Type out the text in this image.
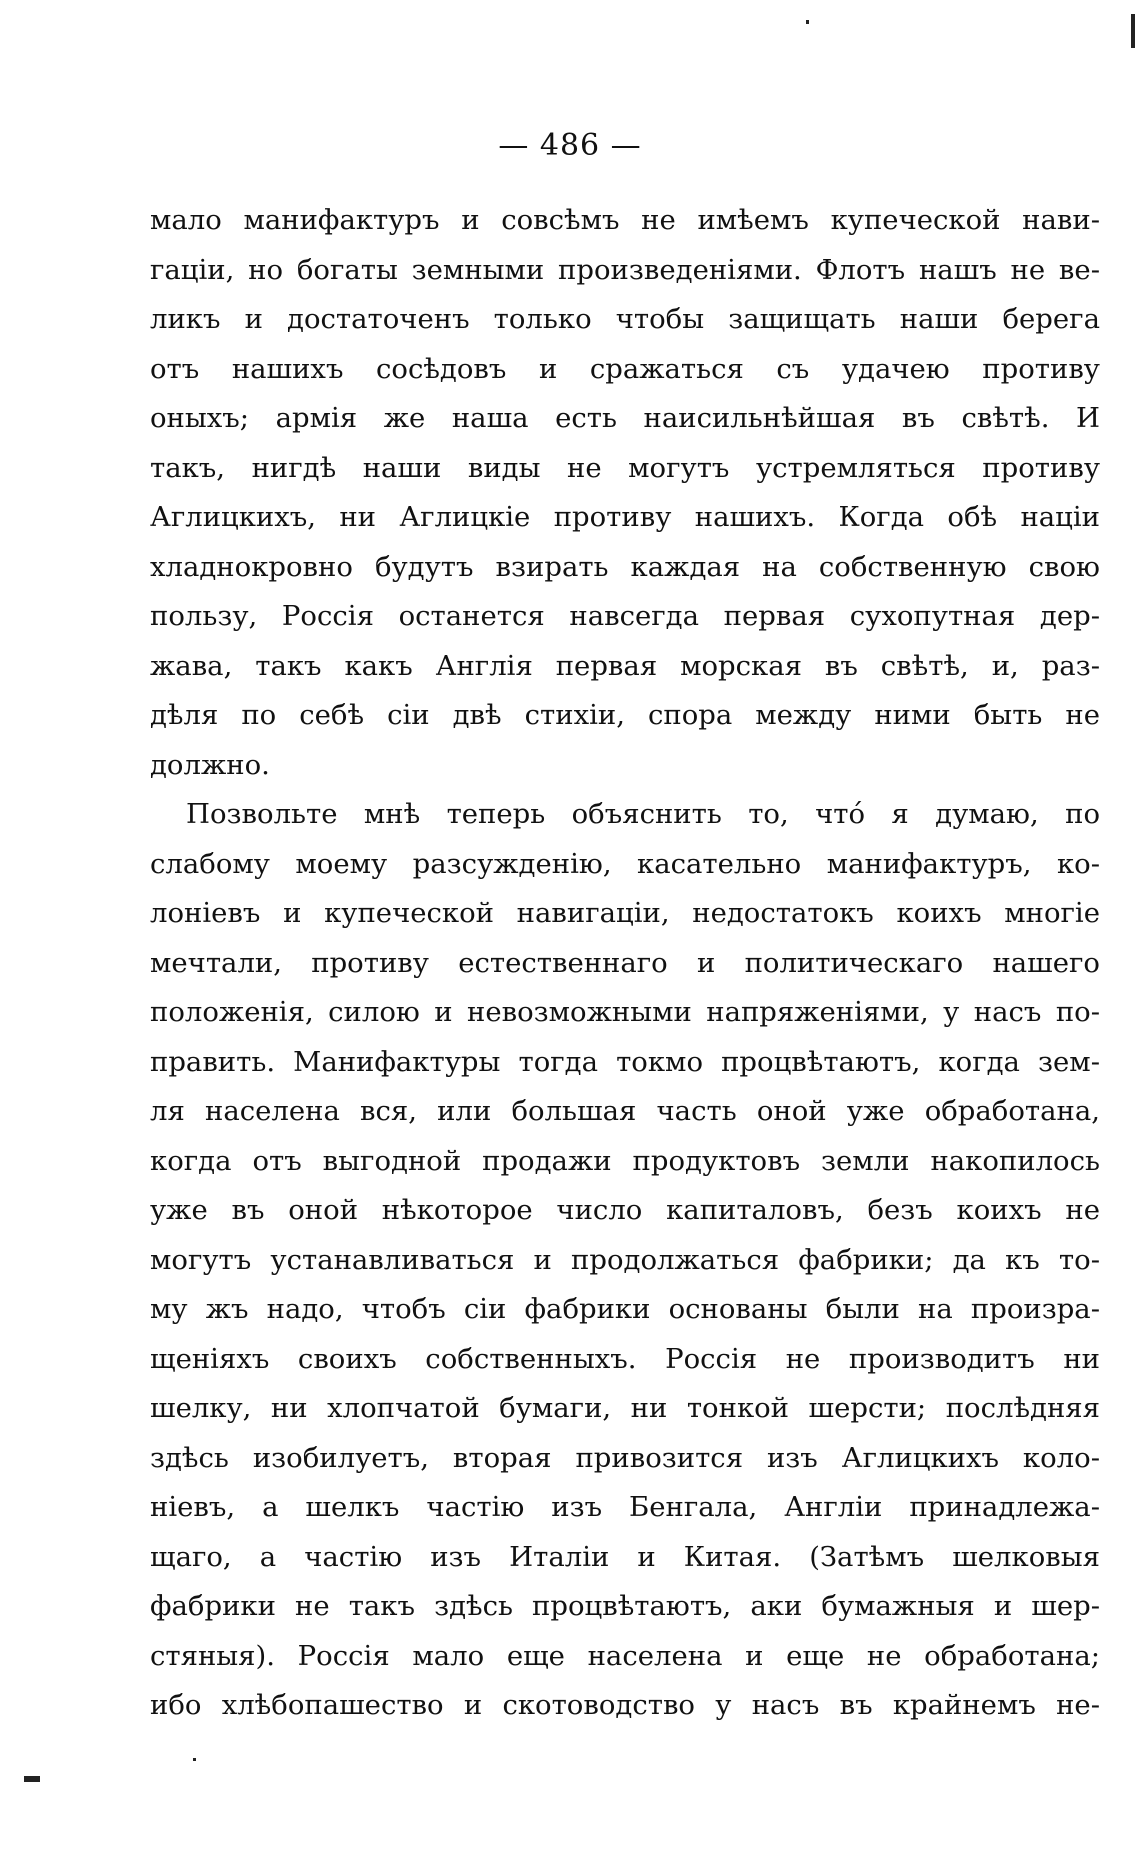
— 486 —
мало манифактуръ и совсѣмъ не имѣемъ купеческой нави-
гаціи, но богаты земными произведеніями. Флотъ нашъ не ве-
ликъ и достаточенъ только чтобы защищать наши берега
отъ нашихъ сосѣдовъ и сражаться съ удачею противу
оныхъ; армія же наша есть наисильнѣйшая въ свѣтѣ. И
такъ, нигдѣ наши виды не могутъ устремляться противу
Аглицкихъ, ни Аглицкіе противу нашихъ. Когда обѣ націи
хладнокровно будутъ взирать каждая на собственную свою
пользу, Россія останется навсегда первая сухопутная дер-
жава, такъ какъ Англія первая морская въ свѣтѣ, и, раз-
дѣля по себѣ сіи двѣ стихіи, спора между ними быть не
должно.
Позвольте мнѣ теперь объяснить то, что́ я думаю, по
слабому моему разсужденію, касательно манифактуръ, ко-
лоніевъ и купеческой навигаціи, недостатокъ коихъ многіе
мечтали, противу естественнаго и политическаго нашего
положенія, силою и невозможными напряженіями, у насъ по-
править. Манифактуры тогда токмо процвѣтаютъ, когда зем-
ля населена вся, или большая часть оной уже обработана,
когда отъ выгодной продажи продуктовъ земли накопилось
уже въ оной нѣкоторое число капиталовъ, безъ коихъ не
могутъ устанавливаться и продолжаться фабрики; да къ то-
му жъ надо, чтобъ сіи фабрики основаны были на произра-
щеніяхъ своихъ собственныхъ. Россія не производитъ ни
шелку, ни хлопчатой бумаги, ни тонкой шерсти; послѣдняя
здѣсь изобилуетъ, вторая привозится изъ Аглицкихъ коло-
ніевъ, а шелкъ частію изъ Бенгала, Англіи принадлежа-
щаго, а частію изъ Италіи и Китая. (Затѣмъ шелковыя
фабрики не такъ здѣсь процвѣтаютъ, аки бумажныя и шер-
стяныя). Россія мало еще населена и еще не обработана;
ибо хлѣбопашество и скотоводство у насъ въ крайнемъ не-
